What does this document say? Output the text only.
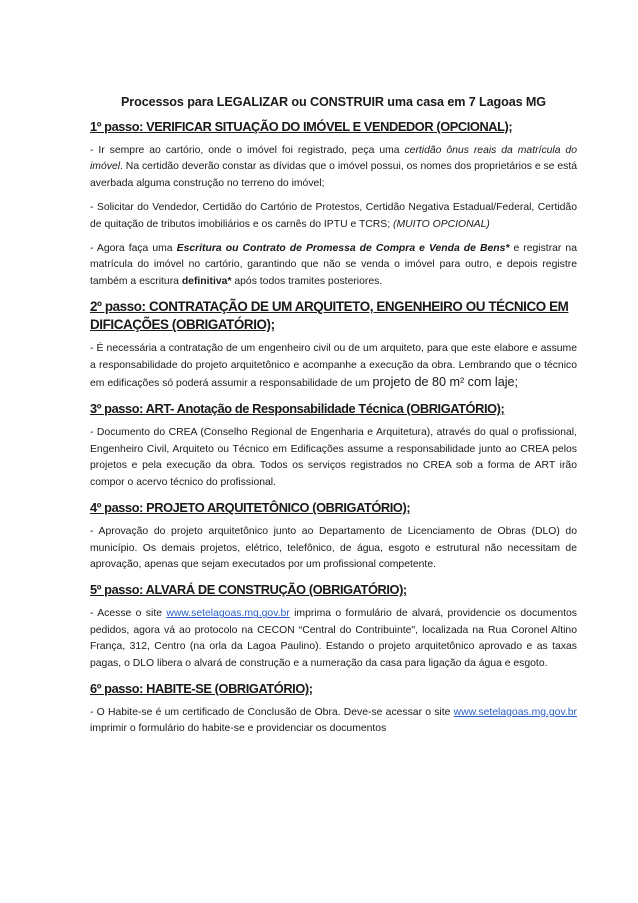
Processos para LEGALIZAR ou CONSTRUIR uma casa em 7 Lagoas MG
1º passo: VERIFICAR SITUAÇÃO DO IMÓVEL E VENDEDOR (OPCIONAL);

- Ir sempre ao cartório, onde o imóvel foi registrado, peça uma certidão ônus reais da matrícula do imóvel. Na certidão deverão constar as dívidas que o imóvel possui, os nomes dos proprietários e se está averbada alguma construção no terreno do imóvel;

- Solicitar do Vendedor, Certidão do Cartório de Protestos, Certidão Negativa Estadual/Federal, Certidão de quitação de tributos imobiliários e os carnês do IPTU e TCRS; (MUITO OPCIONAL)

- Agora faça uma Escritura ou Contrato de Promessa de Compra e Venda de Bens* e registrar na matrícula do imóvel no cartório, garantindo que não se venda o imóvel para outro, e depois registre também a escritura definitiva* após todos tramites posteriores.

2º passo: CONTRATAÇÃO DE UM ARQUITETO, ENGENHEIRO OU TÉCNICO EM DIFICAÇÕES (OBRIGATÓRIO);

- É necessária a contratação de um engenheiro civil ou de um arquiteto, para que este elabore e assume a responsabilidade do projeto arquitetônico e acompanhe a execução da obra. Lembrando que o técnico em edificações só poderá assumir a responsabilidade de um projeto de 80 m² com laje;

3º passo: ART- Anotação de Responsabilidade Técnica (OBRIGATÓRIO);

- Documento do CREA (Conselho Regional de Engenharia e Arquitetura), através do qual o profissional, Engenheiro Civil, Arquiteto ou Técnico em Edificações assume a responsabilidade junto ao CREA pelos projetos e pela execução da obra. Todos os serviços registrados no CREA sob a forma de ART irão compor o acervo técnico do profissional.

4º passo: PROJETO ARQUITETÔNICO (OBRIGATÓRIO);

- Aprovação do projeto arquitetônico junto ao Departamento de Licenciamento de Obras (DLO) do município. Os demais projetos, elétrico, telefônico, de água, esgoto e estrutural não necessitam de aprovação, apenas que sejam executados por um profissional competente.

5º passo: ALVARÁ DE CONSTRUÇÃO (OBRIGATÓRIO);

- Acesse o site www.setelagoas.mg.gov.br imprima o formulário de alvará, providencie os documentos pedidos, agora vá ao protocolo na CECON “Central do Contribuinte", localizada na Rua Coronel Altino França, 312, Centro (na orla da Lagoa Paulino). Estando o projeto arquitetônico aprovado e as taxas pagas, o DLO libera o alvará de construção e a numeração da casa para ligação da água e esgoto.

6º passo: HABITE-SE (OBRIGATÓRIO);

- O Habite-se é um certificado de Conclusão de Obra. Deve-se acessar o site www.setelagoas.mg.gov.br imprimir o formulário do habite-se e providenciar os documentos
